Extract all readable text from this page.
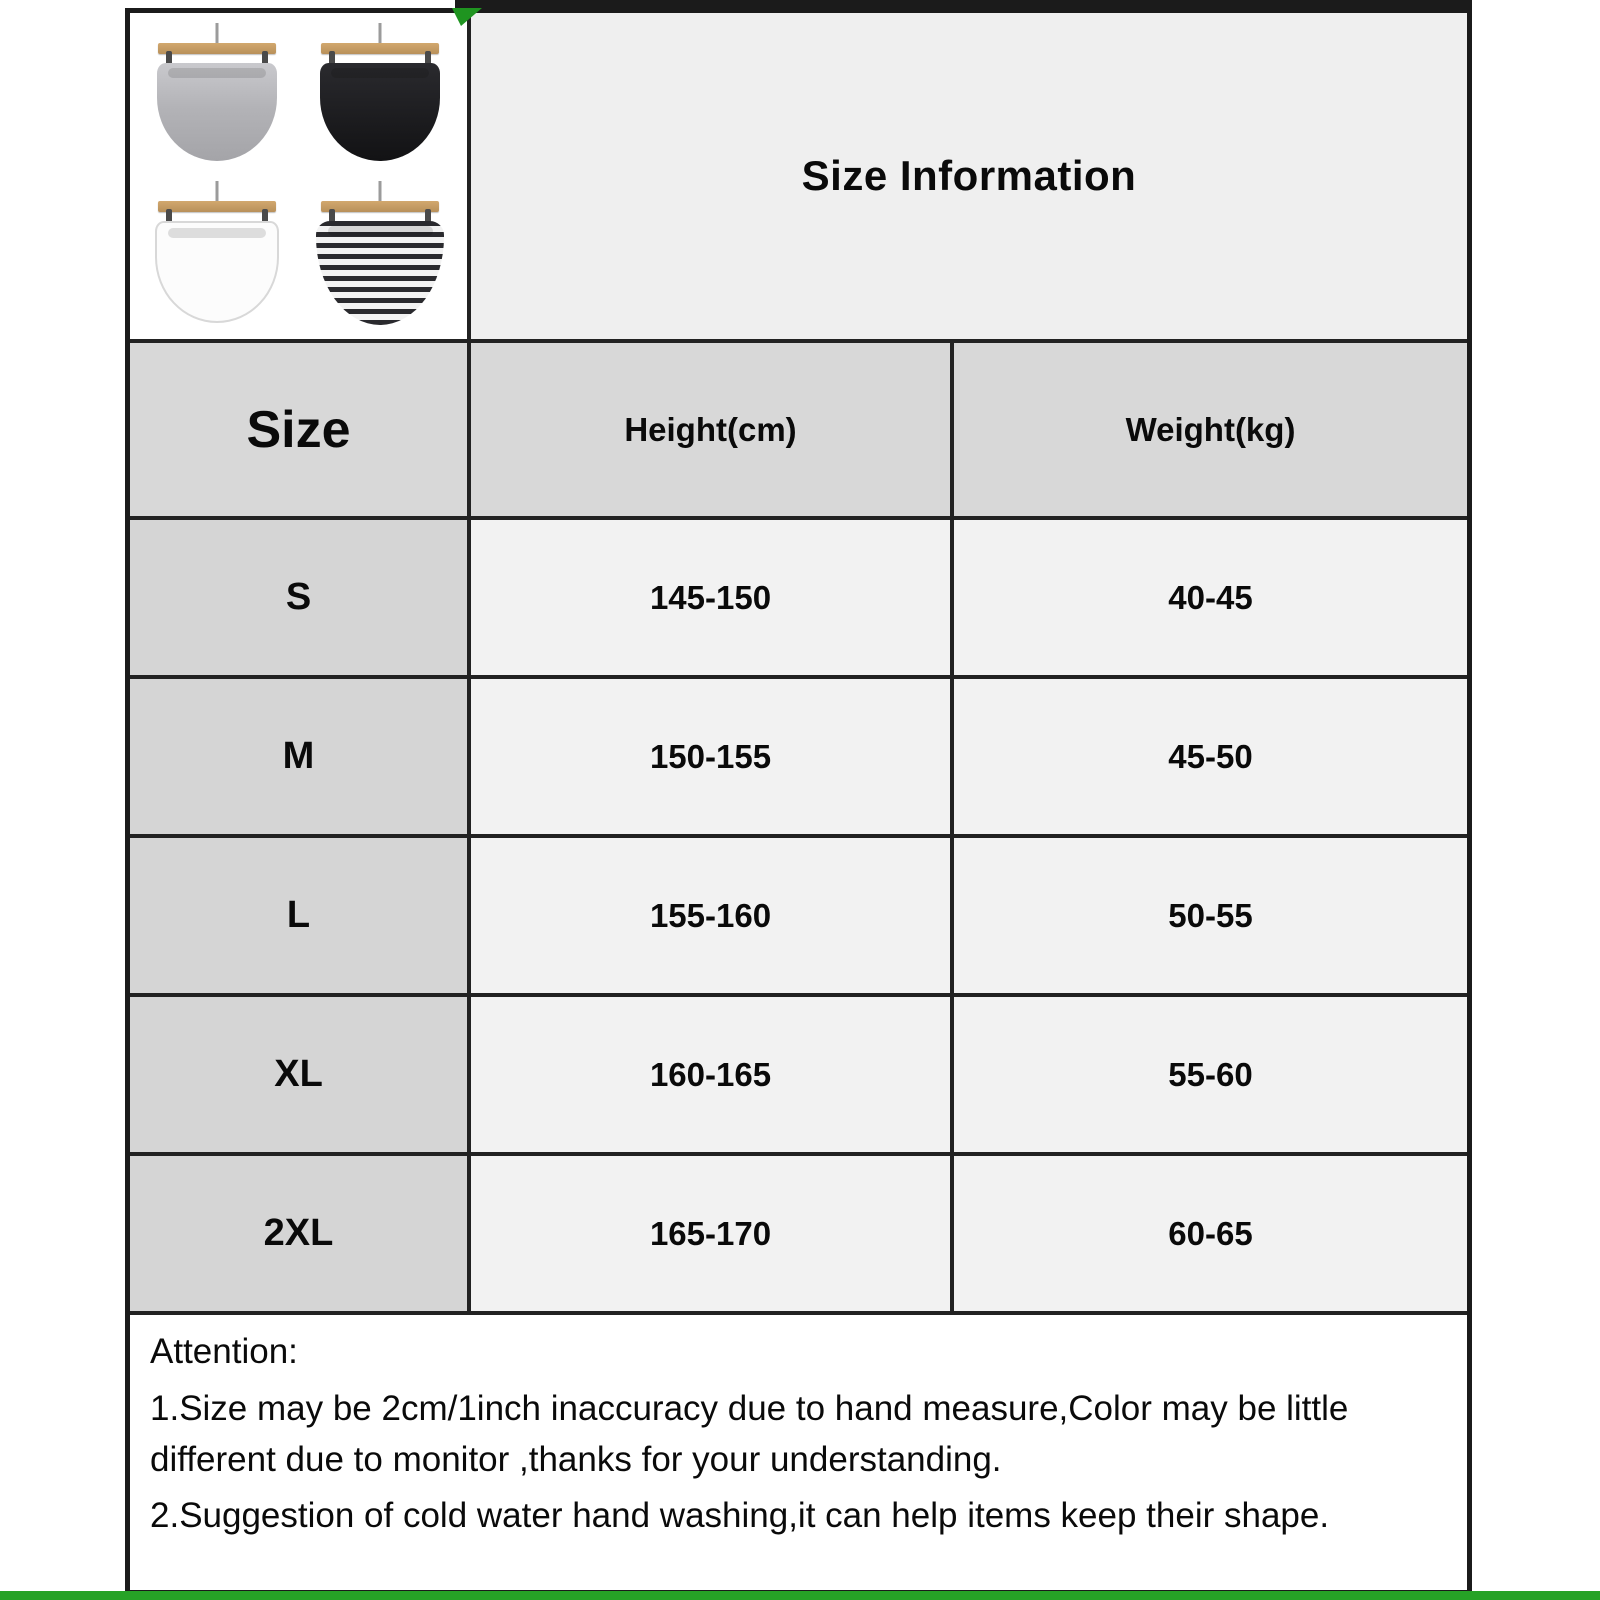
Size Information
Size	Height(cm)	Weight(kg)
S	145-150	40-45
M	150-155	45-50
L	155-160	50-55
XL	160-165	55-60
2XL	165-170	60-65
Attention:
1.Size may be 2cm/1inch inaccuracy due to hand measure,Color may be little different due to monitor ,thanks for your understanding.
2.Suggestion of cold water hand washing,it can help items keep their shape.
